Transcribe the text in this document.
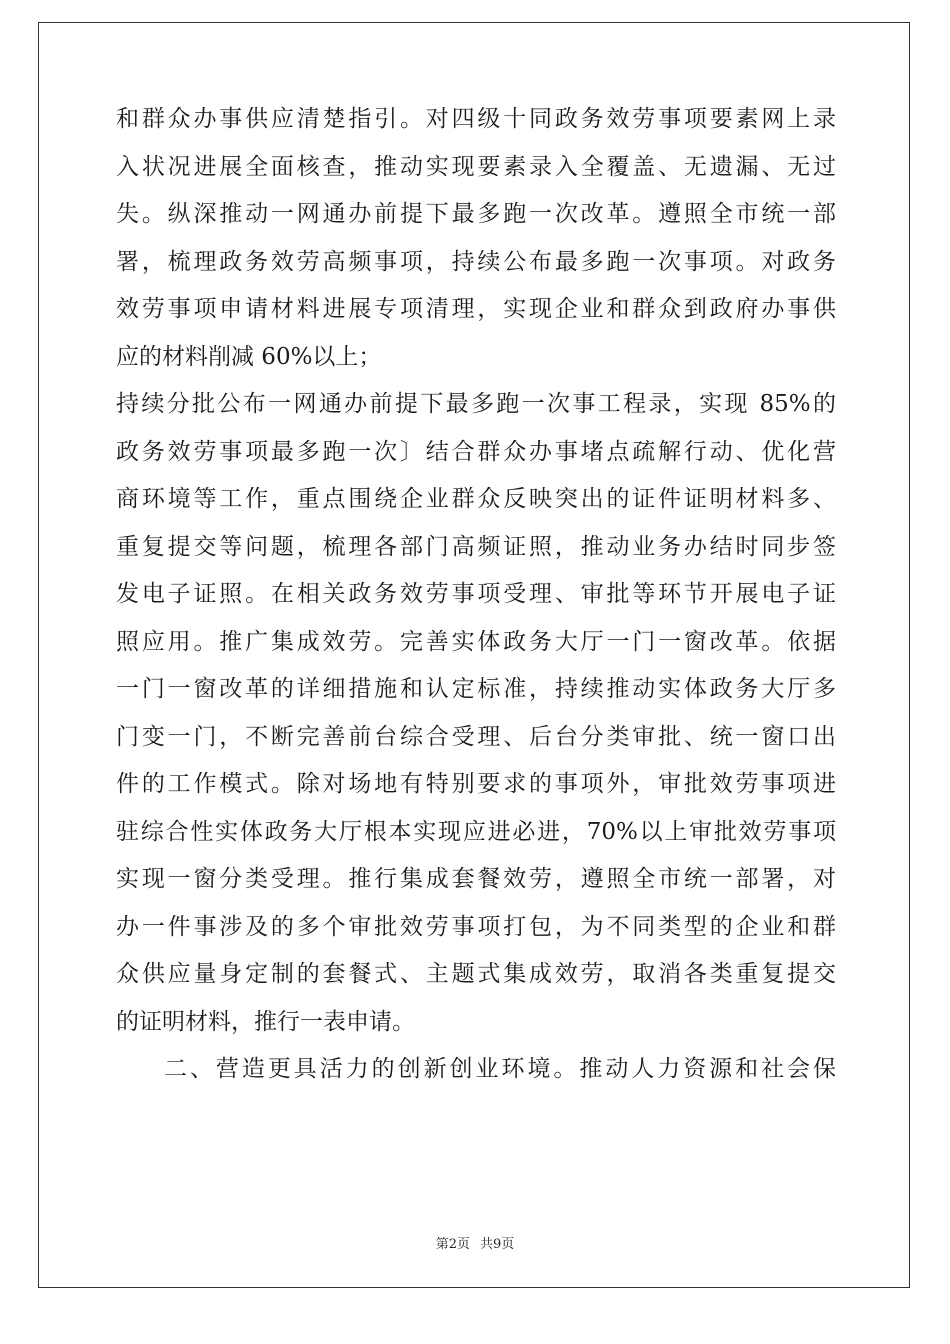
和群众办事供应清楚指引。对四级十同政务效劳事项要素网上录
入状况进展全面核查，推动实现要素录入全覆盖、无遗漏、无过
失。纵深推动一网通办前提下最多跑一次改革。遵照全市统一部
署，梳理政务效劳高频事项，持续公布最多跑一次事项。对政务
效劳事项申请材料进展专项清理，实现企业和群众到政府办事供
应的材料削减 60%以上；
持续分批公布一网通办前提下最多跑一次事工程录，实现 85%的
政务效劳事项最多跑一次〕结合群众办事堵点疏解行动、优化营
商环境等工作，重点围绕企业群众反映突出的证件证明材料多、
重复提交等问题，梳理各部门高频证照，推动业务办结时同步签
发电子证照。在相关政务效劳事项受理、审批等环节开展电子证
照应用。推广集成效劳。完善实体政务大厅一门一窗改革。依据
一门一窗改革的详细措施和认定标准，持续推动实体政务大厅多
门变一门，不断完善前台综合受理、后台分类审批、统一窗口出
件的工作模式。除对场地有特别要求的事项外，审批效劳事项进
驻综合性实体政务大厅根本实现应进必进，70%以上审批效劳事项
实现一窗分类受理。推行集成套餐效劳，遵照全市统一部署，对
办一件事涉及的多个审批效劳事项打包，为不同类型的企业和群
众供应量身定制的套餐式、主题式集成效劳，取消各类重复提交
的证明材料，推行一表申请。
二、营造更具活力的创新创业环境。推动人力资源和社会保
第2页 共9页
